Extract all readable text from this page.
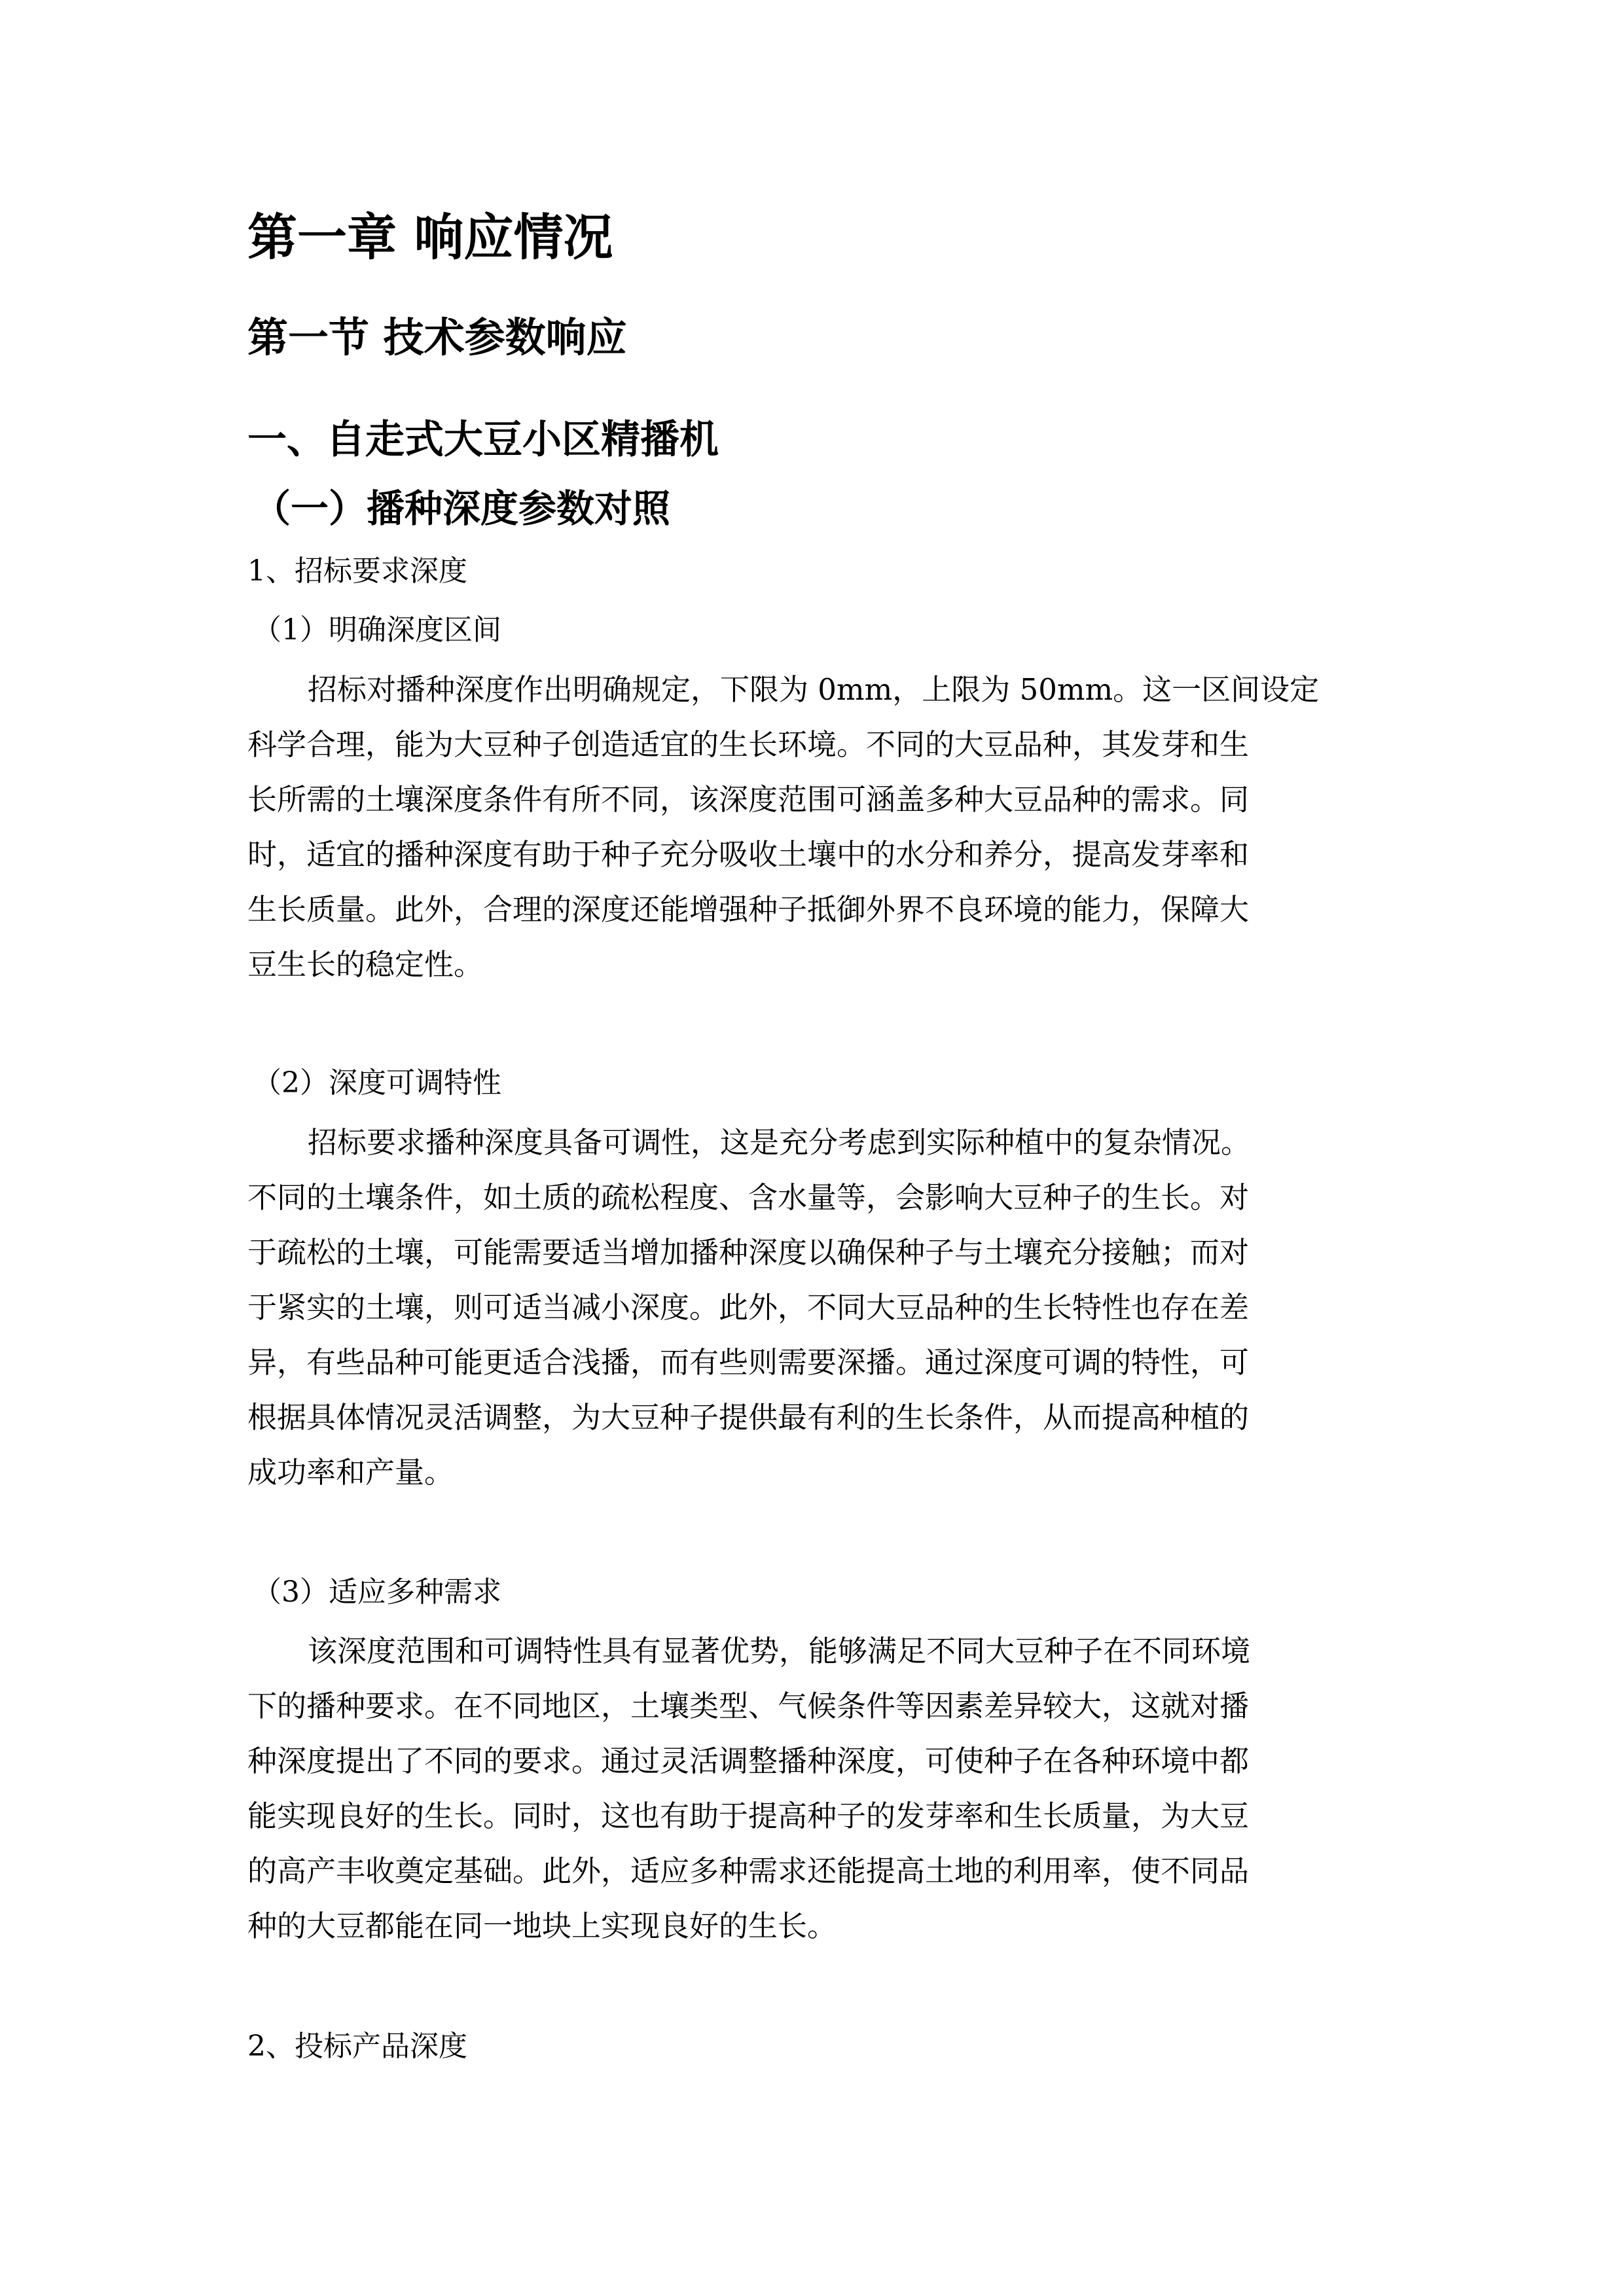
第一章 响应情况
第一节 技术参数响应
一、自走式大豆小区精播机
（一）播种深度参数对照
1、招标要求深度
（1）明确深度区间
招标对播种深度作出明确规定，下限为 0mm，上限为 50mm。这一区间设定
科学合理，能为大豆种子创造适宜的生长环境。不同的大豆品种，其发芽和生
长所需的土壤深度条件有所不同，该深度范围可涵盖多种大豆品种的需求。同
时，适宜的播种深度有助于种子充分吸收土壤中的水分和养分，提高发芽率和
生长质量。此外，合理的深度还能增强种子抵御外界不良环境的能力，保障大
豆生长的稳定性。
（2）深度可调特性
招标要求播种深度具备可调性，这是充分考虑到实际种植中的复杂情况。
不同的土壤条件，如土质的疏松程度、含水量等，会影响大豆种子的生长。对
于疏松的土壤，可能需要适当增加播种深度以确保种子与土壤充分接触；而对
于紧实的土壤，则可适当减小深度。此外，不同大豆品种的生长特性也存在差
异，有些品种可能更适合浅播，而有些则需要深播。通过深度可调的特性，可
根据具体情况灵活调整，为大豆种子提供最有利的生长条件，从而提高种植的
成功率和产量。
（3）适应多种需求
该深度范围和可调特性具有显著优势，能够满足不同大豆种子在不同环境
下的播种要求。在不同地区，土壤类型、气候条件等因素差异较大，这就对播
种深度提出了不同的要求。通过灵活调整播种深度，可使种子在各种环境中都
能实现良好的生长。同时，这也有助于提高种子的发芽率和生长质量，为大豆
的高产丰收奠定基础。此外，适应多种需求还能提高土地的利用率，使不同品
种的大豆都能在同一地块上实现良好的生长。
2、投标产品深度
